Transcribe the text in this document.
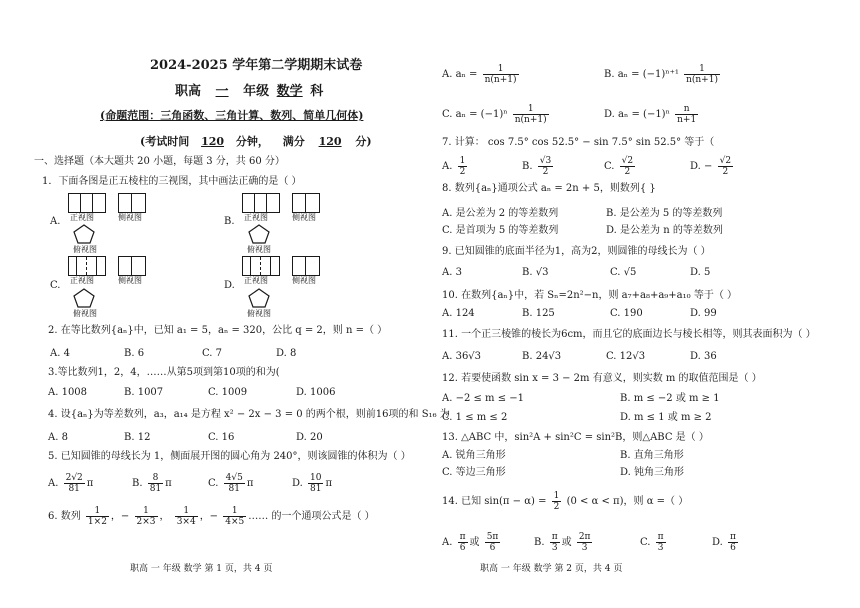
2024-2025 学年第二学期期末试卷
职高 一 年级 数学 科
(命题范围：三角函数、三角计算、数列、简单几何体)
(考试时间 120 分钟， 满分 120 分)
一、选择题（本大题共 20 小题，每题 3 分，共 60 分）
1．下面各图是正五棱柱的三视图，其中画法正确的是（ ）
A. 正视图	侧视图
俯视图
B. 正视图	侧视图
俯视图
C. 正视图	侧视图
俯视图
D. 正视图	侧视图
俯视图
2. 在等比数列{aₙ}中，已知 a₁ = 5，aₙ = 320，公比 q = 2，则 n =（ ）
A. 4	B. 6	C. 7	D. 8
3.等比数列1，2，4，……从第5项到第10项的和为(
A. 1008	B. 1007	C. 1009	D. 1006
4. 设{aₙ}为等差数列，a₃，a₁₄ 是方程 x² − 2x − 3 = 0 的两个根，则前16项的和 S₁₆ 为
A. 8	B. 12	C. 16	D. 20
5. 已知圆锥的母线长为 1，侧面展开图的圆心角为 240°，则该圆锥的体积为（ ）
A. $\frac{2√2}{81}$ π	B. $\frac{8}{81}$ π	C. $\frac{4√5}{81}$ π	D. $\frac{10}{81}$ π
6. 数列 $\frac{1}{1\times 2}$ ，− $\frac{1}{2\times 3}$ ， $\frac{1}{3\times 4}$ ，− $\frac{1}{4\times 5}$ …… 的一个通项公式是（ ）
职高 一 年级 数学 第 1 页，共 4 页
A. $a_n = \frac{1}{n(n+1)}$	B. $a_n = (-1)^{n+1} \frac{1}{n(n+1)}$
C. $a_n = (-1)^n \frac{1}{n(n+1)}$	D. $a_n = (-1)^n \frac{n}{n+1}$
7. 计算： cos 7.5° cos 52.5° − sin 7.5° sin 52.5° 等于（
A. $\frac{1}{2}$	B. $\frac{√3}{2}$	C. $\frac{√2}{2}$	D. − $\frac{√2}{2}$
8. 数列{aₙ}通项公式 aₙ = 2n + 5，则数列{ }
A. 是公差为 2 的等差数列	B. 是公差为 5 的等差数列
C. 是首项为 5 的等差数列	D. 是公差为 n 的等差数列
9. 已知圆锥的底面半径为1，高为2，则圆锥的母线长为（ ）
A. 3	B. √3	C. √5	D. 5
10. 在数列{aₙ}中，若 Sₙ=2n²−n，则 a₇+a₈+a₉+a₁₀ 等于（ ）
A. 124	B. 125	C. 190	D. 99
11. 一个正三棱锥的棱长为6cm，而且它的底面边长与棱长相等，则其表面积为（ ）
A. 36√3	B. 24√3	C. 12√3	D. 36
12. 若要使函数 sin x = 3 − 2m 有意义，则实数 m 的取值范围是（ ）
A. −2 ≤ m ≤ −1	B. m ≤ −2 或 m ≥ 1
C. 1 ≤ m ≤ 2	D. m ≤ 1 或 m ≥ 2
13. △ABC 中，sin²A + sin²C = sin²B，则△ABC 是（ ）
A. 锐角三角形	B. 直角三角形
C. 等边三角形	D. 钝角三角形
14. 已知 $\sin(\pi - \alpha) = \frac{1}{2} (0 < \alpha < \pi)$，则 α =（ ）
A. $\frac{\pi}{6}$ 或 $\frac{5\pi}{6}$	B. $\frac{\pi}{3}$ 或 $\frac{2\pi}{3}$	C. $\frac{\pi}{3}$	D. $\frac{\pi}{6}$
职高 一 年级 数学 第 2 页，共 4 页
